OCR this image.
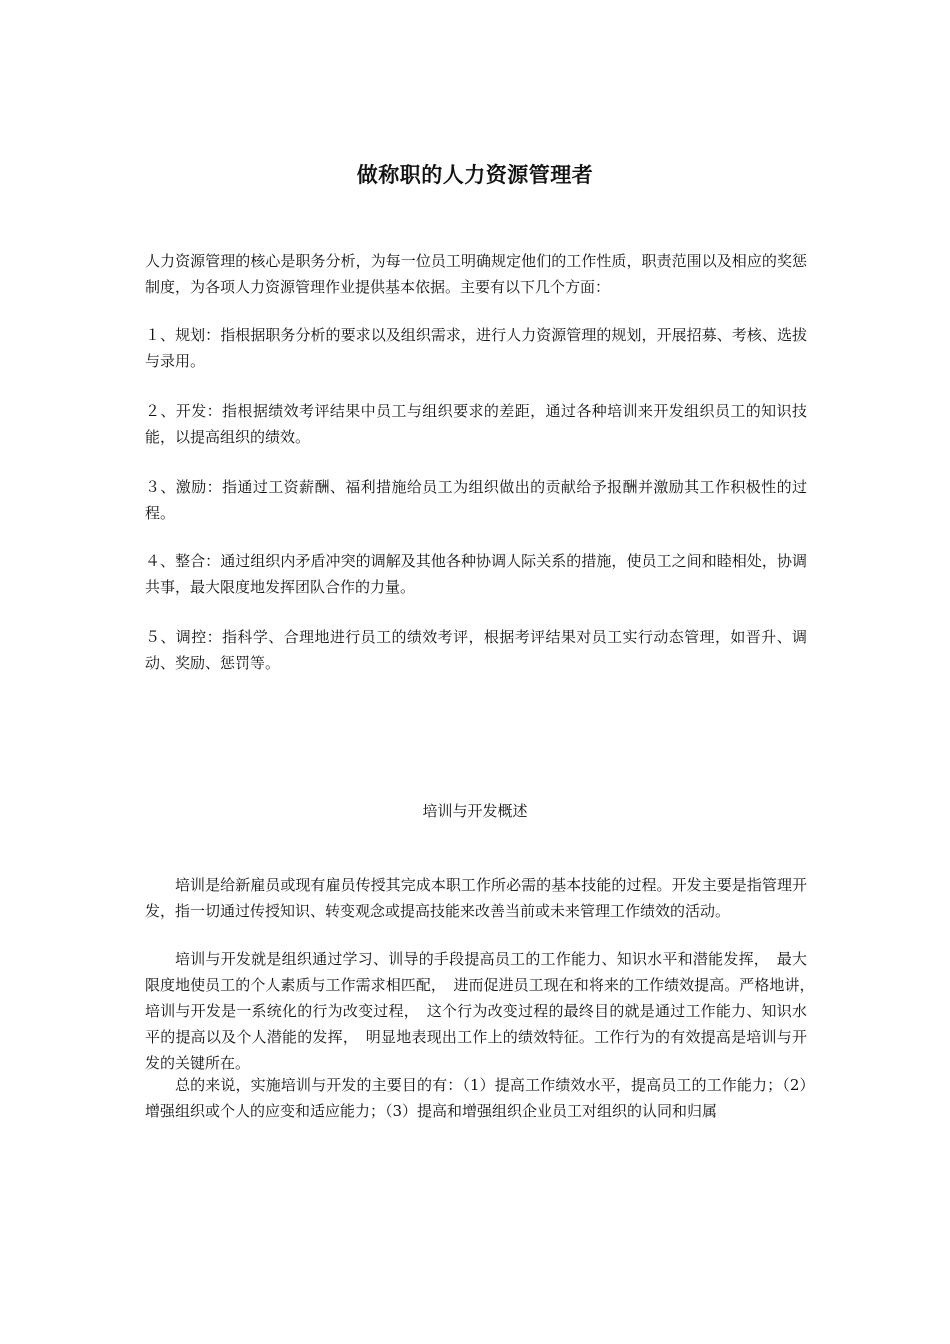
做称职的人力资源管理者

人力资源管理的核心是职务分析，为每一位员工明确规定他们的工作性质，职责范围以及相应的奖惩制度，为各项人力资源管理作业提供基本依据。主要有以下几个方面：

１、规划：指根据职务分析的要求以及组织需求，进行人力资源管理的规划，开展招募、考核、选拔与录用。

２、开发：指根据绩效考评结果中员工与组织要求的差距，通过各种培训来开发组织员工的知识技能，以提高组织的绩效。

３、激励：指通过工资薪酬、福利措施给员工为组织做出的贡献给予报酬并激励其工作积极性的过程。

４、整合：通过组织内矛盾冲突的调解及其他各种协调人际关系的措施，使员工之间和睦相处，协调共事，最大限度地发挥团队合作的力量。

５、调控：指科学、合理地进行员工的绩效考评，根据考评结果对员工实行动态管理，如晋升、调动、奖励、惩罚等。

培训与开发概述

培训是给新雇员或现有雇员传授其完成本职工作所必需的基本技能的过程。开发主要是指管理开发，指一切通过传授知识、转变观念或提高技能来改善当前或未来管理工作绩效的活动。

培训与开发就是组织通过学习、训导的手段提高员工的工作能力、知识水平和潜能发挥，　最大限度地使员工的个人素质与工作需求相匹配，　进而促进员工现在和将来的工作绩效提高。严格地讲，　培训与开发是一系统化的行为改变过程，　这个行为改变过程的最终目的就是通过工作能力、知识水平的提高以及个人潜能的发挥，　明显地表现出工作上的绩效特征。工作行为的有效提高是培训与开发的关键所在。

总的来说，实施培训与开发的主要目的有：（1）提高工作绩效水平，提高员工的工作能力；（2）增强组织或个人的应变和适应能力；（3）提高和增强组织企业员工对组织的认同和归属
